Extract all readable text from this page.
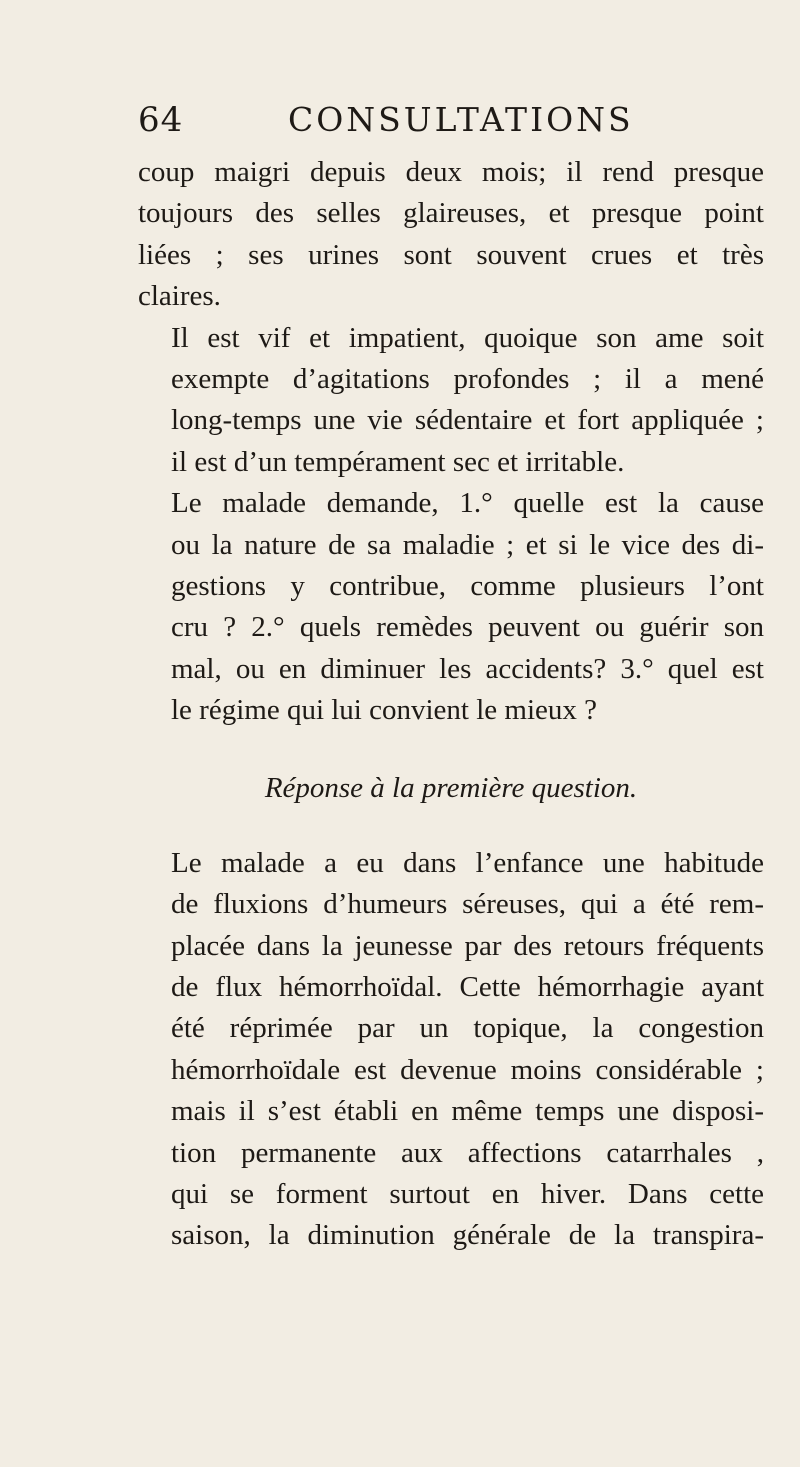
64	CONSULTATIONS

coup maigri depuis deux mois; il rend presque
toujours des selles glaireuses, et presque point
liées ; ses urines sont souvent crues et très
claires.

Il est vif et impatient, quoique son ame soit
exempte d’agitations profondes ; il a mené
long-temps une vie sédentaire et fort appliquée ;
il est d’un tempérament sec et irritable.

Le malade demande, 1.° quelle est la cause
ou la nature de sa maladie ; et si le vice des di-
gestions y contribue, comme plusieurs l’ont
cru ? 2.° quels remèdes peuvent ou guérir son
mal, ou en diminuer les accidents? 3.° quel est
le régime qui lui convient le mieux ?

Réponse à la première question.

Le malade a eu dans l’enfance une habitude
de fluxions d’humeurs séreuses, qui a été rem-
placée dans la jeunesse par des retours fréquents
de flux hémorrhoïdal. Cette hémorrhagie ayant
été réprimée par un topique, la congestion
hémorrhoïdale est devenue moins considérable ;
mais il s’est établi en même temps une disposi-
tion permanente aux affections catarrhales ,
qui se forment surtout en hiver. Dans cette
saison, la diminution générale de la transpira-
